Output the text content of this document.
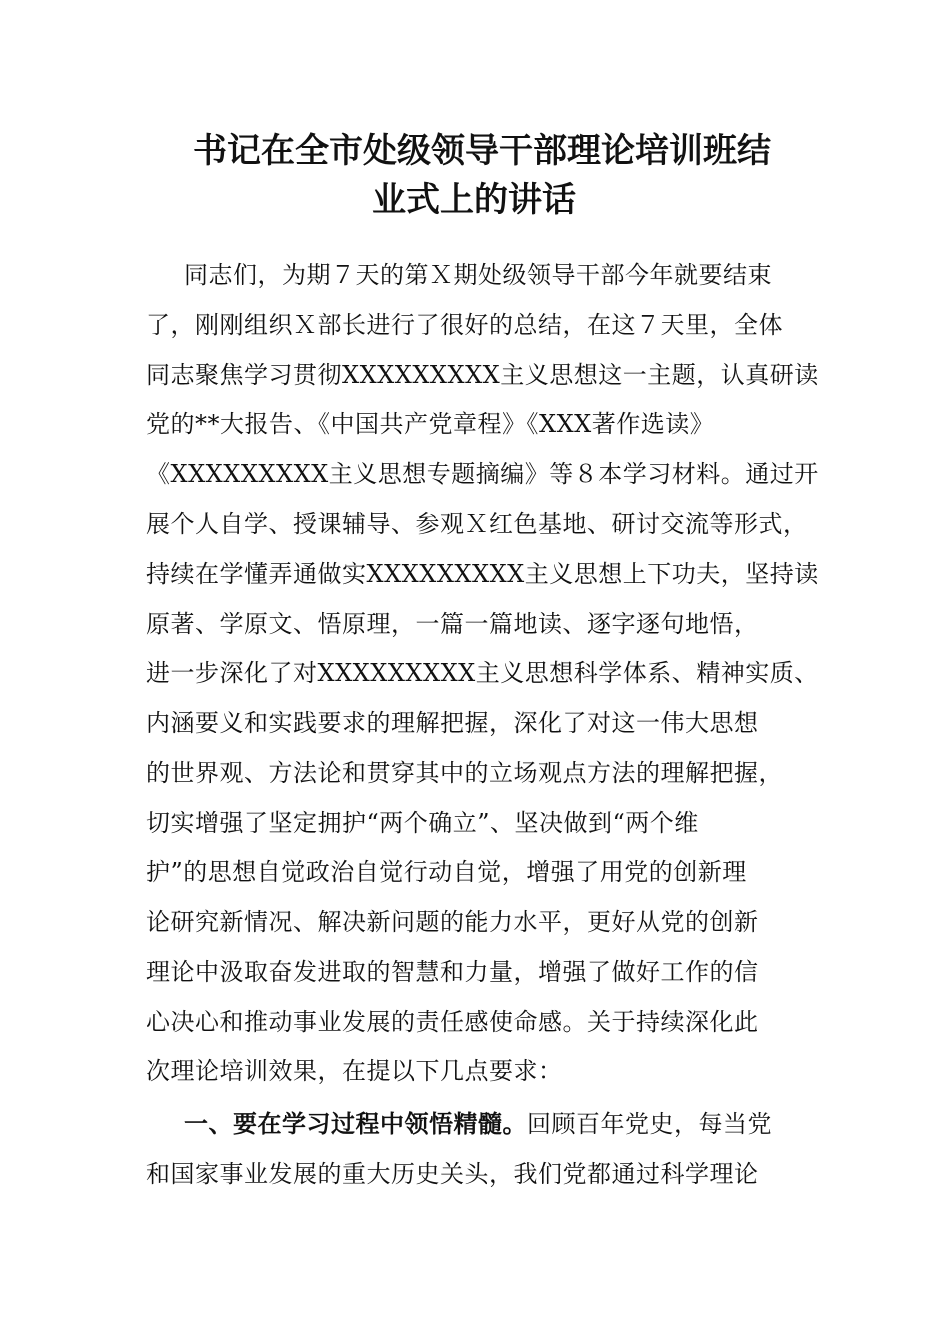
书记在全市处级领导干部理论培训班结
业式上的讲话
同志们，为期７天的第Ｘ期处级领导干部今年就要结束
了，刚刚组织Ｘ部长进行了很好的总结，在这７天里，全体
同志聚焦学习贯彻XXXXXXXXX主义思想这一主题，认真研读
党的**大报告、《中国共产党章程》《XXX著作选读》
《XXXXXXXXX主义思想专题摘编》等８本学习材料。通过开
展个人自学、授课辅导、参观Ｘ红色基地、研讨交流等形式，
持续在学懂弄通做实XXXXXXXXX主义思想上下功夫，坚持读
原著、学原文、悟原理，一篇一篇地读、逐字逐句地悟，
进一步深化了对XXXXXXXXX主义思想科学体系、精神实质、
内涵要义和实践要求的理解把握，深化了对这一伟大思想
的世界观、方法论和贯穿其中的立场观点方法的理解把握，
切实增强了坚定拥护“两个确立”、坚决做到“两个维
护”的思想自觉政治自觉行动自觉，增强了用党的创新理
论研究新情况、解决新问题的能力水平，更好从党的创新
理论中汲取奋发进取的智慧和力量，增强了做好工作的信
心决心和推动事业发展的责任感使命感。关于持续深化此
次理论培训效果，在提以下几点要求：
一、要在学习过程中领悟精髓。回顾百年党史，每当党
和国家事业发展的重大历史关头，我们党都通过科学理论
